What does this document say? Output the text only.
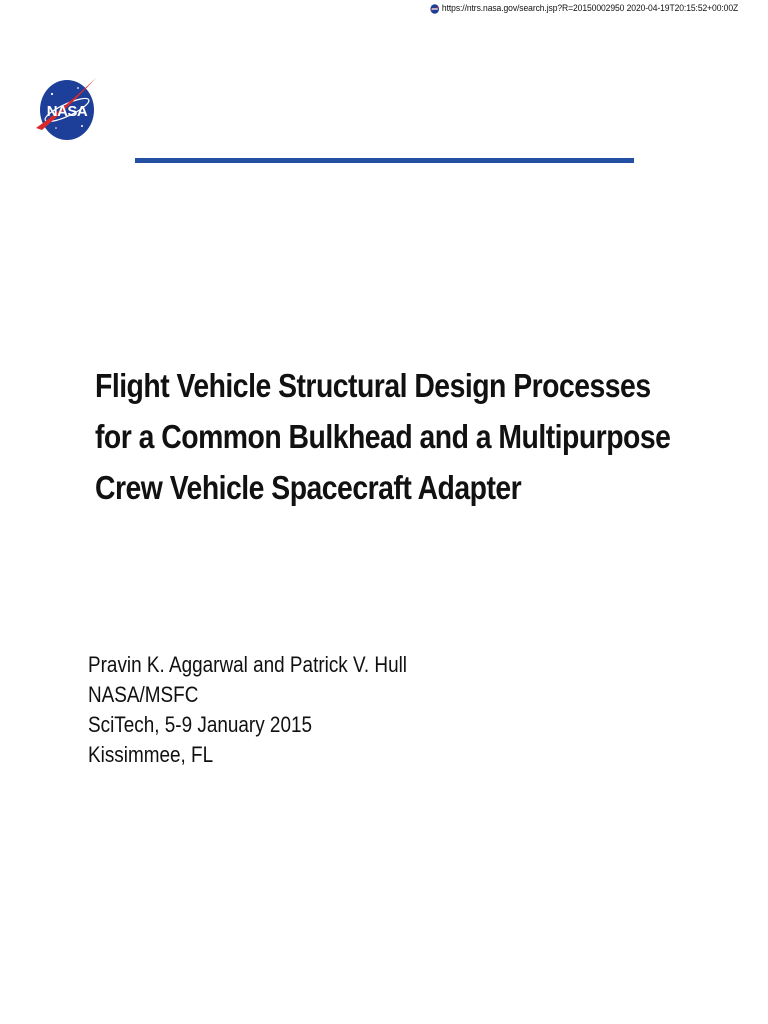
https://ntrs.nasa.gov/search.jsp?R=20150002950 2020-04-19T20:15:52+00:00Z
NASA
Flight Vehicle Structural Design Processes
for a Common Bulkhead and a Multipurpose
Crew Vehicle Spacecraft Adapter
Pravin K. Aggarwal and Patrick V. Hull
NASA/MSFC
SciTech, 5-9 January 2015
Kissimmee, FL
